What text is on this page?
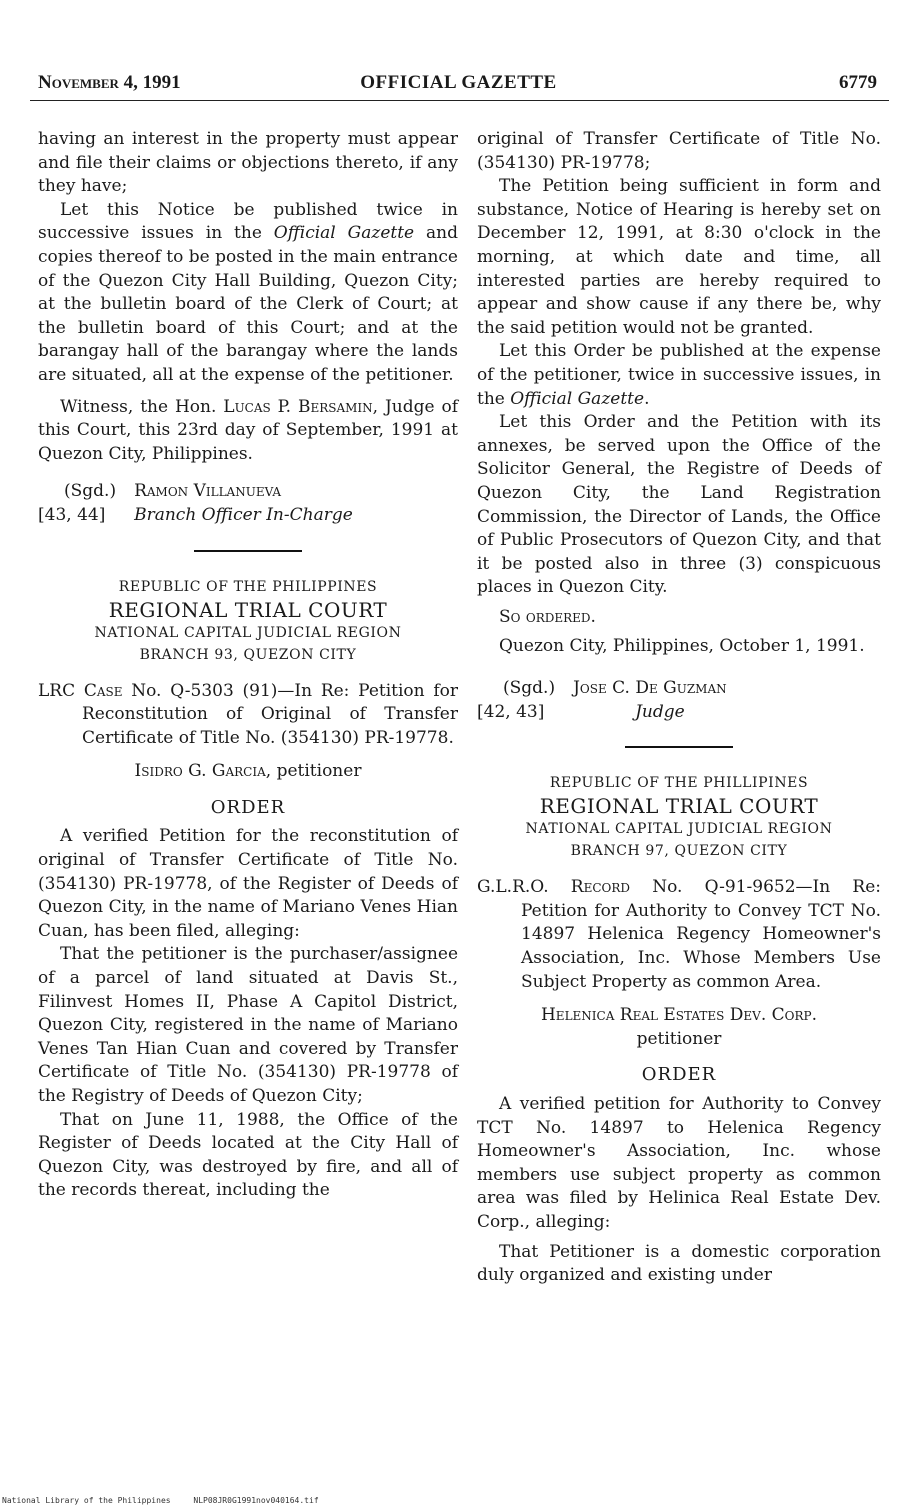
November 4, 1991	OFFICIAL GAZETTE	6779

having an interest in the property must appear and file their claims or objections thereto, if any they have;

Let this Notice be published twice in successive issues in the Official Gazette and copies thereof to be posted in the main entrance of the Quezon City Hall Building, Quezon City; at the bulletin board of the Clerk of Court; at the bulletin board of this Court; and at the barangay hall of the barangay where the lands are situated, all at the expense of the petitioner.

Witness, the Hon. Lucas P. Bersamin, Judge of this Court, this 23rd day of September, 1991 at Quezon City, Philippines.

(Sgd.) Ramon Villanueva
[43, 44]	Branch Officer In-Charge
REPUBLIC OF THE PHILIPPINES
REGIONAL TRIAL COURT
NATIONAL CAPITAL JUDICIAL REGION
BRANCH 93, QUEZON CITY

LRC Case No. Q-5303 (91)—In Re: Petition for Reconstitution of Original of Transfer Certificate of Title No. (354130) PR-19778.

Isidro G. Garcia, petitioner

ORDER

A verified Petition for the reconstitution of original of Transfer Certificate of Title No. (354130) PR-19778, of the Register of Deeds of Quezon City, in the name of Mariano Venes Hian Cuan, has been filed, alleging:

That the petitioner is the purchaser/assignee of a parcel of land situated at Davis St., Filinvest Homes II, Phase A Capitol District, Quezon City, registered in the name of Mariano Venes Tan Hian Cuan and covered by Transfer Certificate of Title No. (354130) PR-19778 of the Registry of Deeds of Quezon City;

That on June 11, 1988, the Office of the Register of Deeds located at the City Hall of Quezon City, was destroyed by fire, and all of the records thereat, including the

original of Transfer Certificate of Title No. (354130) PR-19778;

The Petition being sufficient in form and substance, Notice of Hearing is hereby set on December 12, 1991, at 8:30 o'clock in the morning, at which date and time, all interested parties are hereby required to appear and show cause if any there be, why the said petition would not be granted.

Let this Order be published at the expense of the petitioner, twice in successive issues, in the Official Gazette.

Let this Order and the Petition with its annexes, be served upon the Office of the Solicitor General, the Registre of Deeds of Quezon City, the Land Registration Commission, the Director of Lands, the Office of Public Prosecutors of Quezon City, and that it be posted also in three (3) conspicuous places in Quezon City.

So ordered.

Quezon City, Philippines, October 1, 1991.

(Sgd.) Jose C. De Guzman
[42, 43]	Judge
REPUBLIC OF THE PHILLIPINES
REGIONAL TRIAL COURT
NATIONAL CAPITAL JUDICIAL REGION
BRANCH 97, QUEZON CITY

G.L.R.O. Record No. Q-91-9652—In Re: Petition for Authority to Convey TCT No. 14897 Helenica Regency Homeowner's Association, Inc. Whose Members Use Subject Property as common Area.

Helenica Real Estates Dev. Corp.
petitioner

ORDER

A verified petition for Authority to Convey TCT No. 14897 to Helenica Regency Homeowner's Association, Inc. whose members use subject property as common area was filed by Helinica Real Estate Dev. Corp., alleging:

That Petitioner is a domestic corporation duly organized and existing under

National Library of the Philippines	NLP08JR0G1991nov040164.tif
